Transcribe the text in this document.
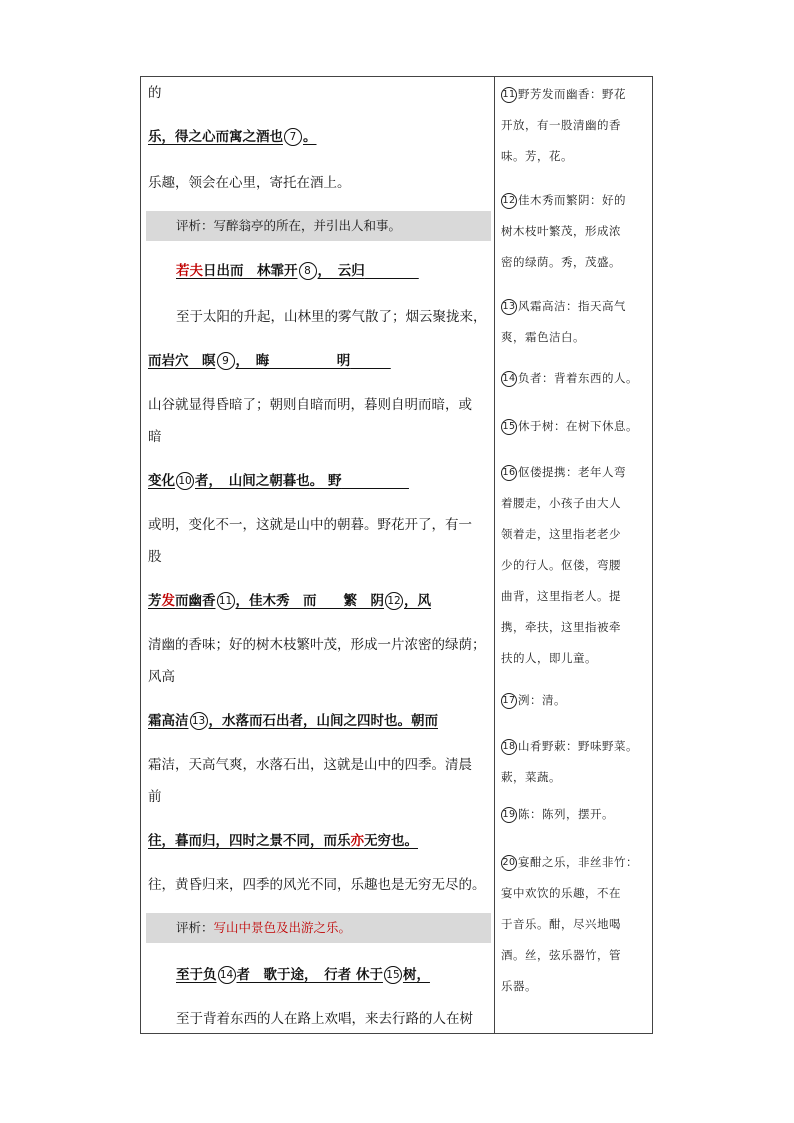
的
乐，得之心而寓之酒也 7 。
乐趣，领会在心里，寄托在酒上。
评析：写醉翁亭的所在，并引出人和事。
若夫日出而　林霏开 8 ，　云归　　　　
至于太阳的升起，山林里的雾气散了；烟云聚拢来，
而岩穴　暝 9 ，　晦　　　　　明　　　
山谷就显得昏暗了；朝则自暗而明，暮则自明而暗，或
暗
变化 10 者，　山间之朝暮也。 野　　　　　
或明，变化不一，这就是山中的朝暮。野花开了，有一
股
芳发而幽香 11 ，佳木秀　而　　繁　阴 12 ，风
清幽的香味；好的树木枝繁叶茂，形成一片浓密的绿荫；
风高
霜高洁 13 ，水落而石出者，山间之四时也。朝而
霜洁，天高气爽，水落石出，这就是山中的四季。清晨
前
往，暮而归，四时之景不同，而乐亦无穷也。
往，黄昏归来，四季的风光不同，乐趣也是无穷无尽的。
评析：写山中景色及出游之乐。
至于负 14 者　歌于途，　行者 休于 15 树，
至于背着东西的人在路上欢唱，来去行路的人在树

11 野芳发而幽香：野花

开放，有一股清幽的香

味。芳，花。

12 佳木秀而繁阴：好的

树木枝叶繁茂，形成浓

密的绿荫。秀，茂盛。

13 风霜高洁：指天高气

爽，霜色洁白。

14 负者：背着东西的人。

15 休于树：在树下休息。

16 伛偻提携：老年人弯

着腰走，小孩子由大人

领着走，这里指老老少

少的行人。伛偻，弯腰

曲背，这里指老人。提

携，牵扶，这里指被牵

扶的人，即儿童。

17 洌：清。

18 山肴野蔌：野味野菜。

蔌，菜蔬。

19 陈：陈列，摆开。

20 宴酣之乐，非丝非竹：

宴中欢饮的乐趣，不在

于音乐。酣，尽兴地喝

酒。丝，弦乐器竹，管

乐器。
